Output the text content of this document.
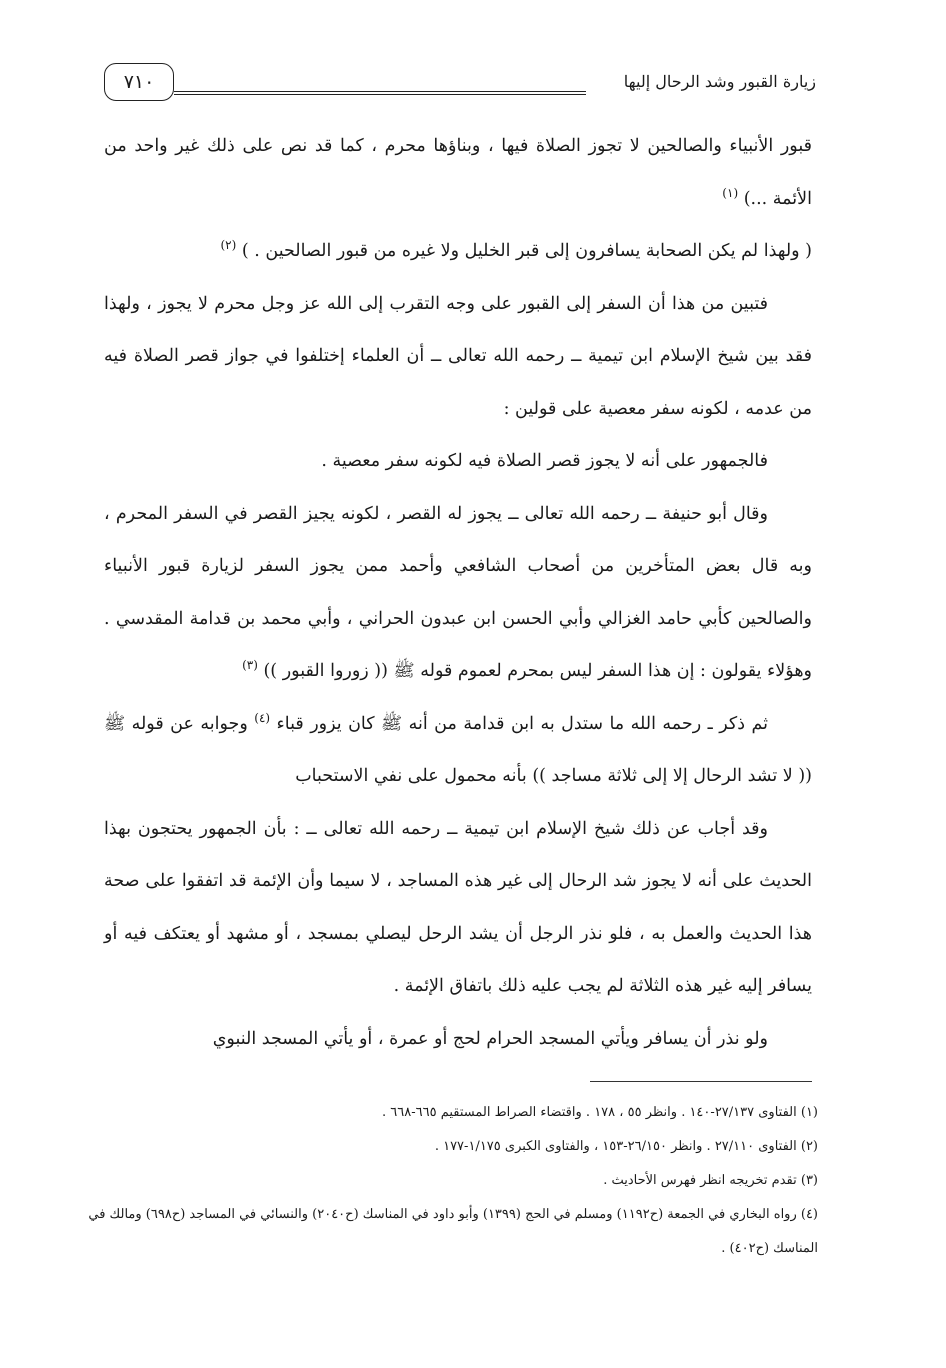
زيارة القبور وشد الرحال إليها
٧١٠

قبور الأنبياء والصالحين لا تجوز الصلاة فيها ، وبناؤها محرم ، كما قد نص على ذلك غير واحد من الأئمة ...) $^{(١)}$

( ولهذا لم يكن الصحابة يسافرون إلى قبر الخليل ولا غيره من قبور الصالحين . ) $^{(٢)}$

فتبين من هذا أن السفر إلى القبور على وجه التقرب إلى الله عز وجل محرم لا يجوز ، ولهذا فقد بين شيخ الإسلام ابن تيمية ــ رحمه الله تعالى ــ أن العلماء إختلفوا في جواز قصر الصلاة فيه من عدمه ، لكونه سفر معصية على قولين :

فالجمهور على أنه لا يجوز قصر الصلاة فيه لكونه سفر معصية .

وقال أبو حنيفة ــ رحمه الله تعالى ــ يجوز له القصر ، لكونه يجيز القصر في السفر المحرم ، وبه قال بعض المتأخرين من أصحاب الشافعي وأحمد ممن يجوز السفر لزيارة قبور الأنبياء والصالحين كأبي حامد الغزالي وأبي الحسن ابن عبدون الحراني ، وأبي محمد بن قدامة المقدسي . وهؤلاء يقولون : إن هذا السفر ليس بمحرم لعموم قوله ﷺ (( زوروا القبور )) $^{(٣)}$

ثم ذكر ـ رحمه الله ما ستدل به ابن قدامة من أنه ﷺ كان يزور قباء $^{(٤)}$ وجوابه عن قوله ﷺ (( لا تشد الرحال إلا إلى ثلاثة مساجد )) بأنه محمول على نفي الاستحباب

وقد أجاب عن ذلك شيخ الإسلام ابن تيمية ــ رحمه الله تعالى ــ : بأن الجمهور يحتجون بهذا الحديث على أنه لا يجوز شد الرحال إلى غير هذه المساجد ، لا سيما وأن الإئمة قد اتفقوا على صحة هذا الحديث والعمل به ، فلو نذر الرجل أن يشد الرحل ليصلي بمسجد ، أو مشهد أو يعتكف فيه أو يسافر إليه غير هذه الثلاثة لم يجب عليه ذلك باتفاق الإئمة .

ولو نذر أن يسافر ويأتي المسجد الحرام لحج أو عمرة ، أو يأتي المسجد النبوي

(١) الفتاوى ٢٧/١٣٧-١٤٠ . وانظر ٥٥ ، ١٧٨ . واقتضاء الصراط المستقيم ٦٦٥-٦٦٨ .

(٢) الفتاوى ٢٧/١١٠ . وانظر ٢٦/١٥٠-١٥٣ ، والفتاوى الكبرى ١/١٧٥-١٧٧ .

(٣) تقدم تخريجه انظر فهرس الأحاديث .

(٤) رواه البخاري في الجمعة (ح١١٩٢) ومسلم في الحج (١٣٩٩) وأبو داود في المناسك (ح٢٠٤٠) والنسائي في المساجد (ح٦٩٨) ومالك في المناسك (ح٤٠٢) .
